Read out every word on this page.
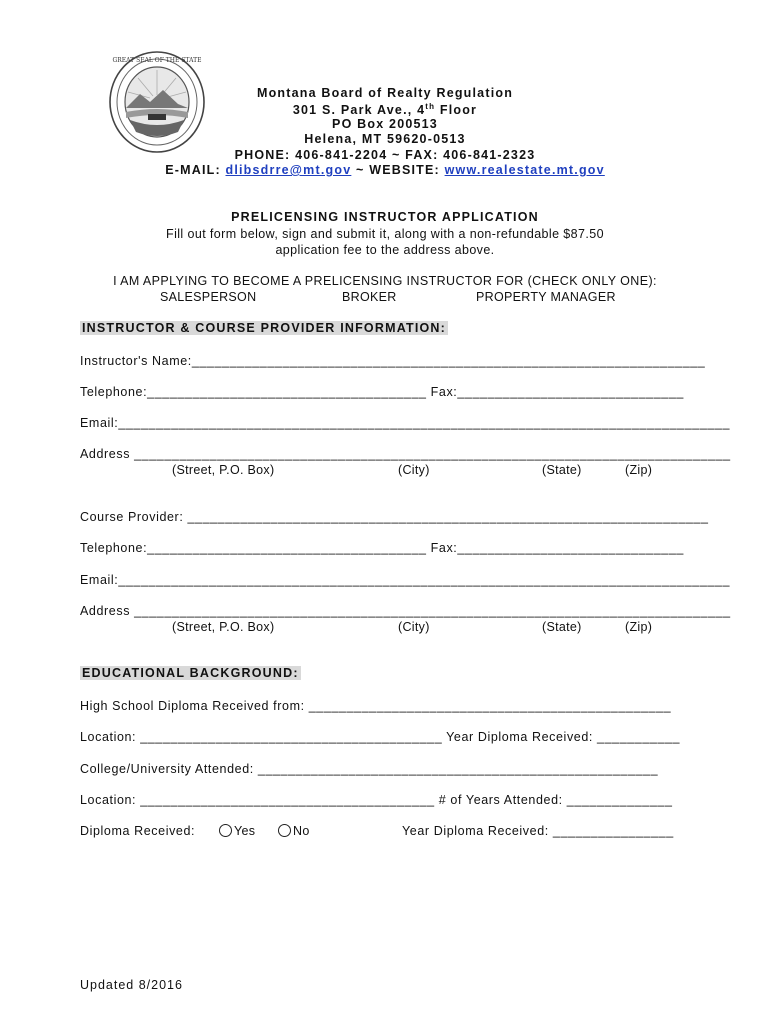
GREAT SEAL OF THE STATE
Montana Board of Realty Regulation
301 S. Park Ave., 4th Floor
PO Box 200513
Helena, MT 59620-0513
PHONE: 406-841-2204 ~ FAX: 406-841-2323
E-MAIL: dlibsdrre@mt.gov ~ WEBSITE: www.realestate.mt.gov
PRELICENSING INSTRUCTOR APPLICATION
Fill out form below, sign and submit it, along with a non-refundable $87.50
application fee to the address above.
I AM APPLYING TO BECOME A PRELICENSING INSTRUCTOR FOR (CHECK ONLY ONE):
SALESPERSON	BROKER	PROPERTY MANAGER
INSTRUCTOR & COURSE PROVIDER INFORMATION:
Instructor's Name:____________________________________________________________________
Telephone:_____________________________________ Fax:______________________________
Email:_________________________________________________________________________________
Address _______________________________________________________________________________
(Street, P.O. Box)	(City)	(State)	(Zip)
Course Provider: _____________________________________________________________________
Telephone:_____________________________________ Fax:______________________________
Email:_________________________________________________________________________________
Address _______________________________________________________________________________
(Street, P.O. Box)	(City)	(State)	(Zip)
EDUCATIONAL BACKGROUND:
High School Diploma Received from: ________________________________________________
Location: ________________________________________ Year Diploma Received: ___________
College/University Attended: _____________________________________________________
Location: _______________________________________ # of Years Attended: ______________
Diploma Received:	Yes	No	Year Diploma Received: ________________
Updated 8/2016
